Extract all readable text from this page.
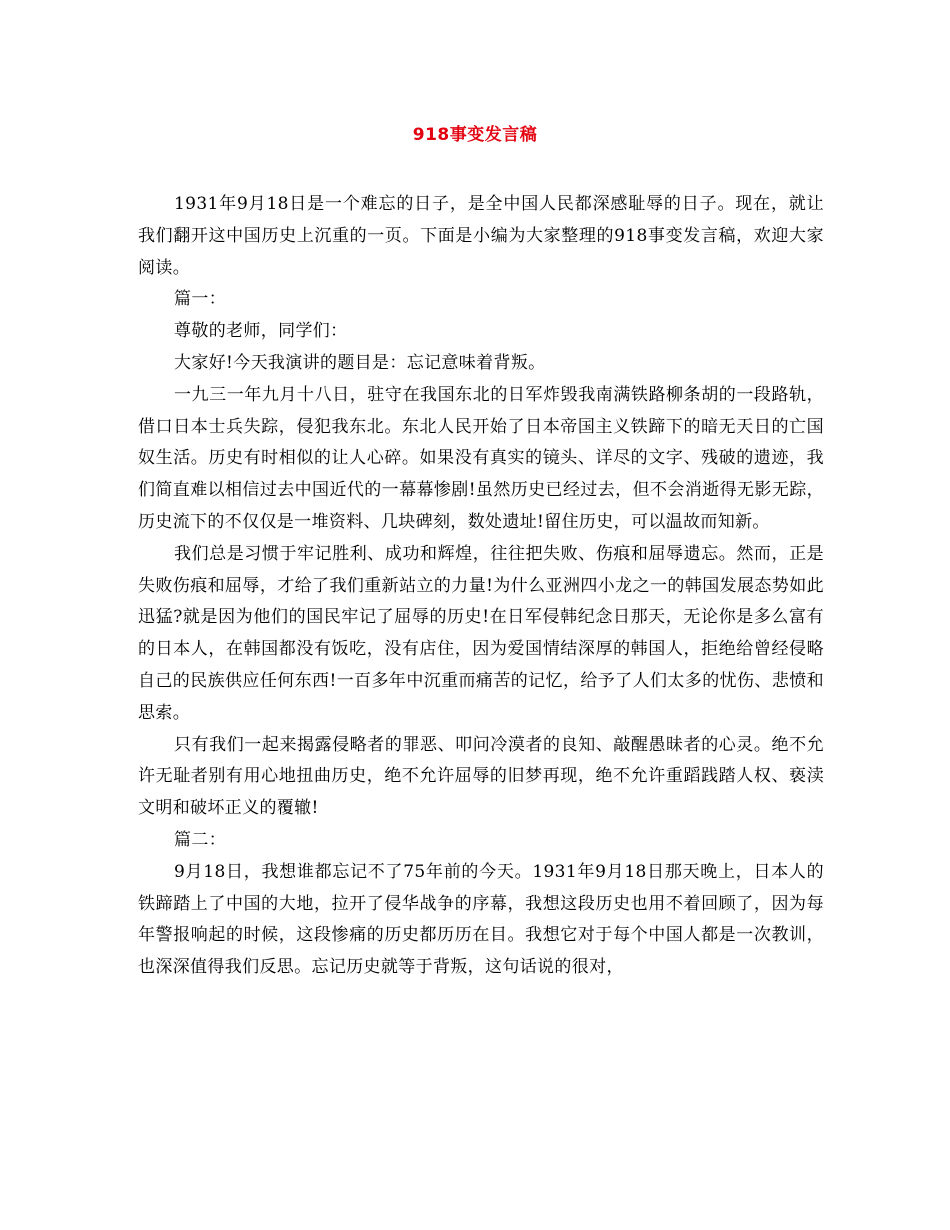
918事变发言稿

1931年9月18日是一个难忘的日子，是全中国人民都深感耻辱的日子。现在，就让我们翻开这中国历史上沉重的一页。下面是小编为大家整理的918事变发言稿，欢迎大家阅读。

篇一：

尊敬的老师，同学们：

大家好!今天我演讲的题目是：忘记意味着背叛。

一九三一年九月十八日，驻守在我国东北的日军炸毁我南满铁路柳条胡的一段路轨，借口日本士兵失踪，侵犯我东北。东北人民开始了日本帝国主义铁蹄下的暗无天日的亡国奴生活。历史有时相似的让人心碎。如果没有真实的镜头、详尽的文字、残破的遗迹，我们简直难以相信过去中国近代的一幕幕惨剧!虽然历史已经过去，但不会消逝得无影无踪，历史流下的不仅仅是一堆资料、几块碑刻，数处遗址!留住历史，可以温故而知新。

我们总是习惯于牢记胜利、成功和辉煌，往往把失败、伤痕和屈辱遗忘。然而，正是失败伤痕和屈辱，才给了我们重新站立的力量!为什么亚洲四小龙之一的韩国发展态势如此迅猛?就是因为他们的国民牢记了屈辱的历史!在日军侵韩纪念日那天，无论你是多么富有的日本人，在韩国都没有饭吃，没有店住，因为爱国情结深厚的韩国人，拒绝给曾经侵略自己的民族供应任何东西!一百多年中沉重而痛苦的记忆，给予了人们太多的忧伤、悲愤和思索。

只有我们一起来揭露侵略者的罪恶、叩问冷漠者的良知、敲醒愚昧者的心灵。绝不允许无耻者别有用心地扭曲历史，绝不允许屈辱的旧梦再现，绝不允许重蹈践踏人权、亵渎文明和破坏正义的覆辙!

篇二：

9月18日，我想谁都忘记不了75年前的今天。1931年9月18日那天晚上，日本人的铁蹄踏上了中国的大地，拉开了侵华战争的序幕，我想这段历史也用不着回顾了，因为每年警报响起的时候，这段惨痛的历史都历历在目。我想它对于每个中国人都是一次教训，也深深值得我们反思。忘记历史就等于背叛，这句话说的很对，
